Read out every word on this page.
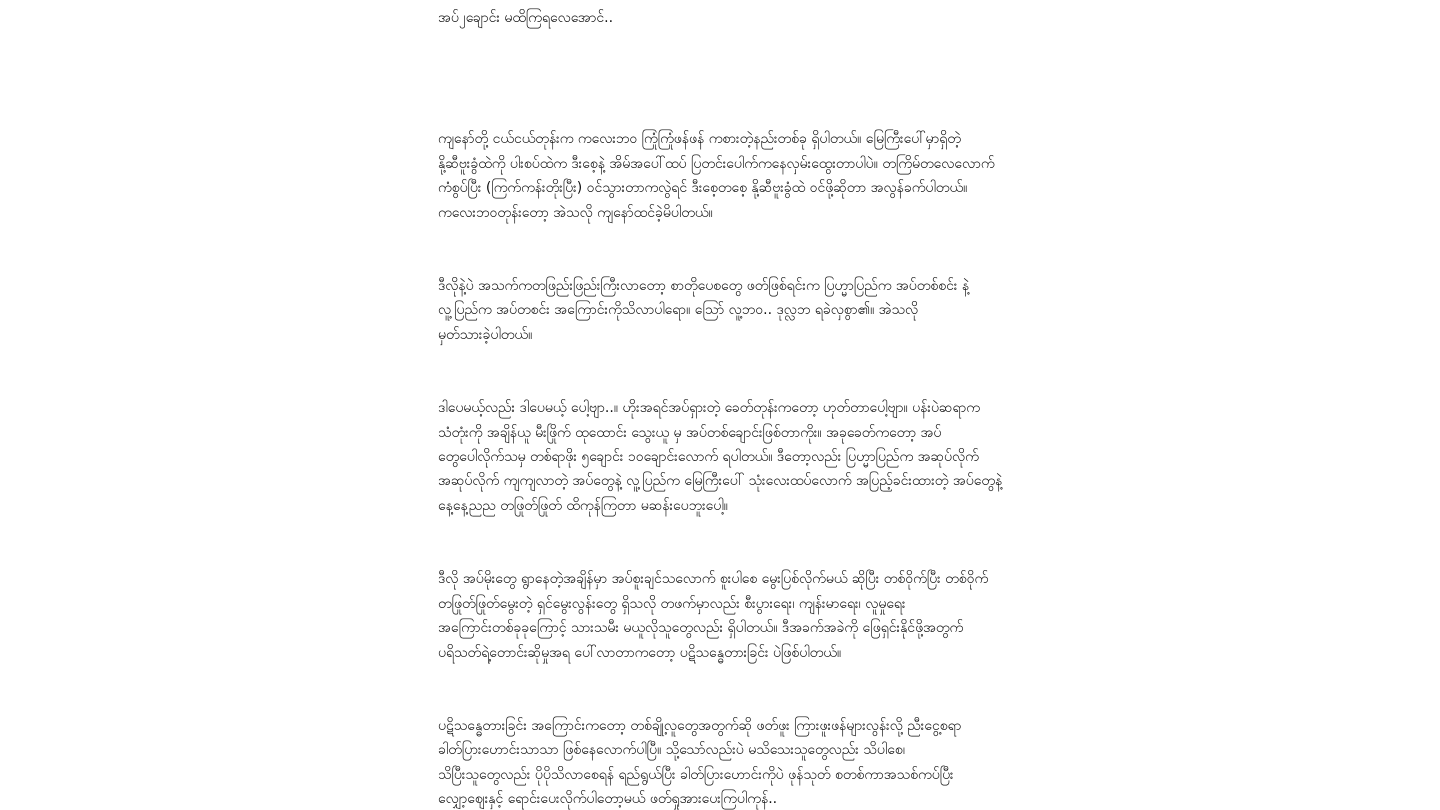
အပ်၂ချောင်း မထိကြရလေအောင်..

ကျနော်တို့ ငယ်ငယ်တုန်းက ကလေးဘဝ ကြုံကြုံဖန်ဖန် ကစားတဲ့နည်းတစ်ခု ရှိပါတယ်။ မြေကြီးပေါ်မှာရှိတဲ့
နို့ဆီဗူးခွံထဲကို ပါးစပ်ထဲက ဒီးစေ့နဲ့ အိမ်အပေါ်ထပ် ပြတင်းပေါက်ကနေလှမ်းထွေးတာပါပဲ။ တကြိမ်တလေလောက်
ကံစွပ်ပြီး (ကြက်ကန်းတိုးပြီး) ဝင်သွားတာကလွဲရင် ဒီးစေ့တစေ့ နို့ဆီဗူးခွံထဲ ဝင်ဖို့ဆိုတာ အလွန်ခက်ပါတယ်။
ကလေးဘဝတုန်းတော့ အဲသလို ကျနော်ထင်ခဲ့မိပါတယ်။

ဒီလိုနဲ့ပဲ အသက်ကတဖြည်းဖြည်းကြီးလာတော့ စာတိုပေစတွေ ဖတ်ဖြစ်ရင်းက ပြဟ္မာပြည်က အပ်တစ်စင်း နဲ့
လူ့ပြည်က အပ်တစင်း အကြောင်းကိုသိလာပါရော။ သြော် လူ့ဘဝ.. ဒုလ္လဘ ရခဲလှစွာ၏။ အဲသလို
မှတ်သားခဲ့ပါတယ်။

ဒါပေမယ့်လည်း ဒါပေမယ့် ပေါ့ဗျာ..။ ဟိုးအရင်အပ်ရှားတဲ့ ခေတ်တုန်းကတော့ ဟုတ်တာပေါ့ဗျာ။ ပန်းပဲဆရာက
သံတုံးကို အချိန်ယူ မီးဖြိုက် ထုထောင်း သွေးယူ မှ အပ်တစ်ချောင်းဖြစ်တာကိုး။ အခုခေတ်ကတော့ အပ်
တွေပေါလိုက်သမှ တစ်ရာဖိုး ၅ချောင်း ၁၀ချောင်းလောက် ရပါတယ်။ ဒီတော့လည်း ပြဟ္မာပြည်က အဆုပ်လိုက်
အဆုပ်လိုက် ကျကျလာတဲ့ အပ်တွေနဲ့ လူ့ပြည်က မြေကြီးပေါ် သုံးလေးထပ်လောက် အပြည့်ခင်းထားတဲ့ အပ်တွေနဲ့
နေ့နေ့ညည တဖြုတ်ဖြုတ် ထိကုန်ကြတာ မဆန်းပေဘူးပေါ့။

ဒီလို အပ်မိုးတွေ ရွာနေတဲ့အချိန်မှာ အပ်စူးချင်သလောက် စူးပါစေ မွေးပြစ်လိုက်မယ် ဆိုပြီး တစ်ဝိုက်ပြီး တစ်ဝိုက်
တဖြုတ်ဖြုတ်မွေးတဲ့ ရှင်မွေးလွန်းတွေ ရှိသလို တဖက်မှာလည်း စီးပွားရေး၊ ကျန်းမာရေး၊ လူမှုရေး
အကြောင်းတစ်ခုခုကြောင့် သားသမီး မယူလိုသူတွေလည်း ရှိပါတယ်။ ဒီအခက်အခဲကို ဖြေရှင်းနိုင်ဖို့အတွက်
ပရိသတ်ရဲ့တောင်းဆိုမှုအရ ပေါ်လာတာကတော့ ပဋိသန္ဓေတားခြင်း ပဲဖြစ်ပါတယ်။

ပဋိသန္ဓေတားခြင်း အကြောင်းကတော့ တစ်ချို့လူတွေအတွက်ဆို ဖတ်ဖူး ကြားဖူးဖန်များလွန်းလို့ ညီးငွေ့စရာ
ခါတ်ပြားဟောင်းသာသာ ဖြစ်နေလောက်ပါပြီ။ သို့သော်လည်းပဲ မသိသေးသူတွေလည်း သိပါစေ၊
သိပြီးသူတွေလည်း ပိုပိုသိလာစေရန် ရည်ရွယ်ပြီး ခါတ်ပြားဟောင်းကိုပဲ ဖုန်သုတ် စတစ်ကာအသစ်ကပ်ပြီး
လျှော့ဈေးနှင့် ရောင်းပေးလိုက်ပါတော့မယ် ဖတ်ရှုအားပေးကြပါကုန်..
